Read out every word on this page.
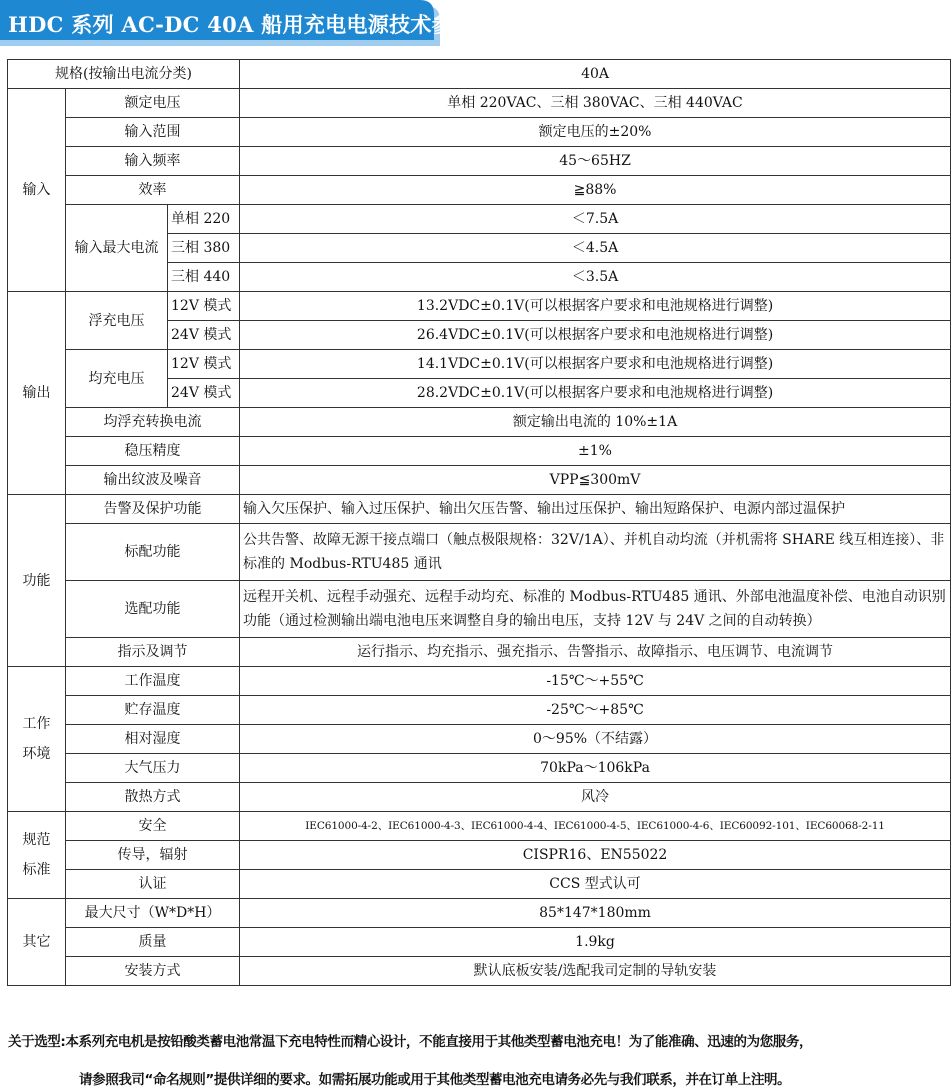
HDC 系列 AC-DC 40A 船用充电电源技术参数
规格(按输出电流分类)			40A
输入	额定电压		单相 220VAC、三相 380VAC、三相 440VAC
	输入范围		额定电压的±20%
	输入频率		45～65HZ
	效率		≧88%
	输入最大电流	单相 220	＜7.5A
		三相 380	＜4.5A
		三相 440	＜3.5A
输出	浮充电压	12V 模式	13.2VDC±0.1V(可以根据客户要求和电池规格进行调整)
		24V 模式	26.4VDC±0.1V(可以根据客户要求和电池规格进行调整)
	均充电压	12V 模式	14.1VDC±0.1V(可以根据客户要求和电池规格进行调整)
		24V 模式	28.2VDC±0.1V(可以根据客户要求和电池规格进行调整)
	均浮充转换电流		额定输出电流的 10%±1A
	稳压精度		±1%
	输出纹波及噪音		VPP≦300mV
功能	告警及保护功能		输入欠压保护、输入过压保护、输出欠压告警、输出过压保护、输出短路保护、电源内部过温保护
	标配功能		公共告警、故障无源干接点端口（触点极限规格：32V/1A）、并机自动均流（并机需将 SHARE 线互相连接）、非标准的 Modbus-RTU485 通讯
	选配功能		远程开关机、远程手动强充、远程手动均充、标准的 Modbus-RTU485 通讯、外部电池温度补偿、电池自动识别功能（通过检测输出端电池电压来调整自身的输出电压，支持 12V 与 24V 之间的自动转换）
	指示及调节		运行指示、均充指示、强充指示、告警指示、故障指示、电压调节、电流调节

工作
环境	工作温度		-15℃～+55℃
	贮存温度		-25℃～+85℃
	相对湿度		0～95%（不结露）
	大气压力		70kPa～106kPa
	散热方式		风冷

规范
标准	安全		IEC61000-4-2、IEC61000-4-3、IEC61000-4-4、IEC61000-4-5、IEC61000-4-6、IEC60092-101、IEC60068-2-11
	传导，辐射		CISPR16、EN55022
	认证		CCS 型式认可
其它	最大尺寸（W*D*H）		85*147*180mm
	质量		1.9kg
	安装方式		默认底板安装/选配我司定制的导轨安装
关于选型:本系列充电机是按铅酸类蓄电池常温下充电特性而精心设计，不能直接用于其他类型蓄电池充电！为了能准确、迅速的为您服务，
请参照我司“命名规则”提供详细的要求。如需拓展功能或用于其他类型蓄电池充电请务必先与我们联系，并在订单上注明。
